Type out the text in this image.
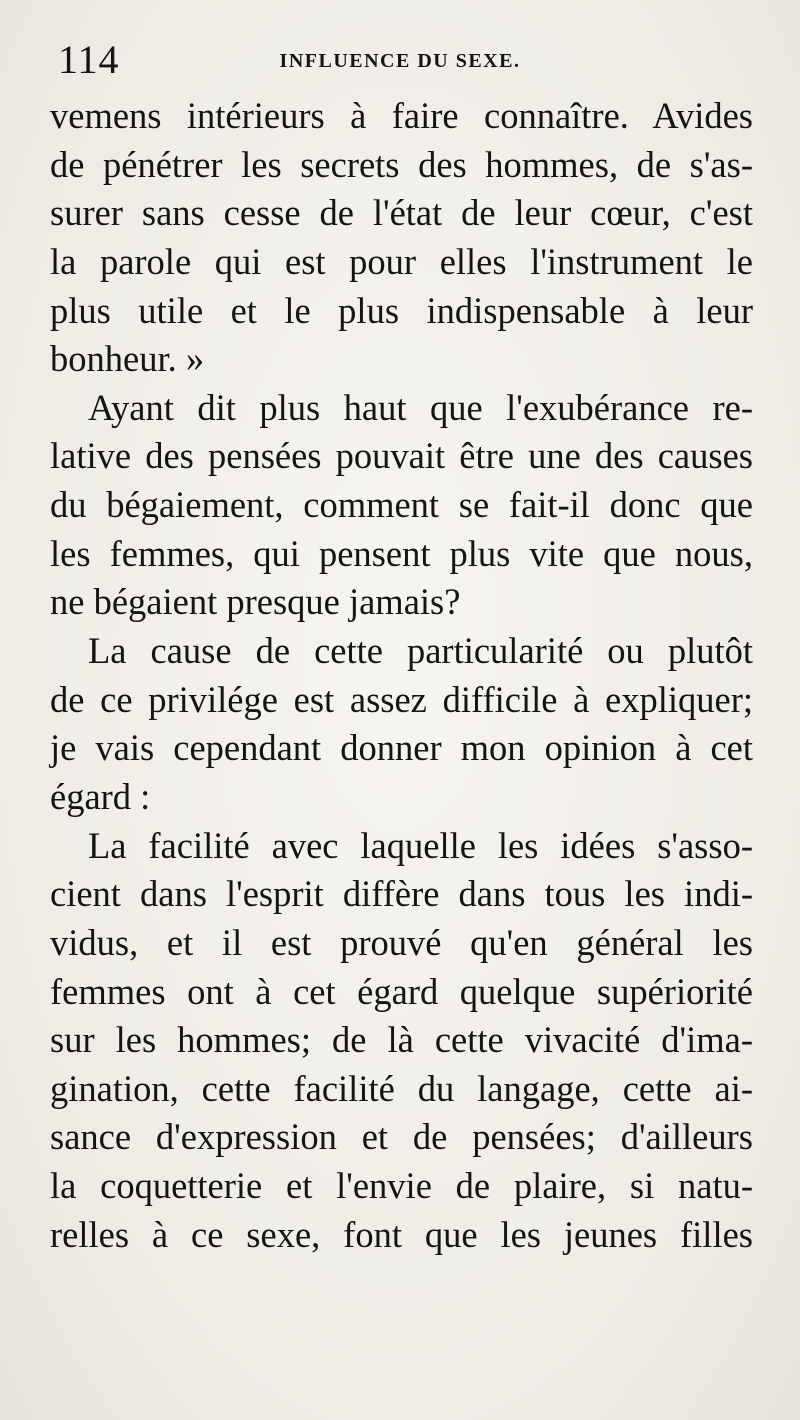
114	INFLUENCE DU SEXE.
vemens intérieurs à faire connaître. Avides
de pénétrer les secrets des hommes, de s'as-
surer sans cesse de l'état de leur cœur, c'est
la parole qui est pour elles l'instrument le
plus utile et le plus indispensable à leur
bonheur. »
Ayant dit plus haut que l'exubérance re-
lative des pensées pouvait être une des causes
du bégaiement, comment se fait-il donc que
les femmes, qui pensent plus vite que nous,
ne bégaient presque jamais?
La cause de cette particularité ou plutôt
de ce privilége est assez difficile à expliquer;
je vais cependant donner mon opinion à cet
égard :
La facilité avec laquelle les idées s'asso-
cient dans l'esprit diffère dans tous les indi-
vidus, et il est prouvé qu'en général les
femmes ont à cet égard quelque supériorité
sur les hommes; de là cette vivacité d'ima-
gination, cette facilité du langage, cette ai-
sance d'expression et de pensées; d'ailleurs
la coquetterie et l'envie de plaire, si natu-
relles à ce sexe, font que les jeunes filles
